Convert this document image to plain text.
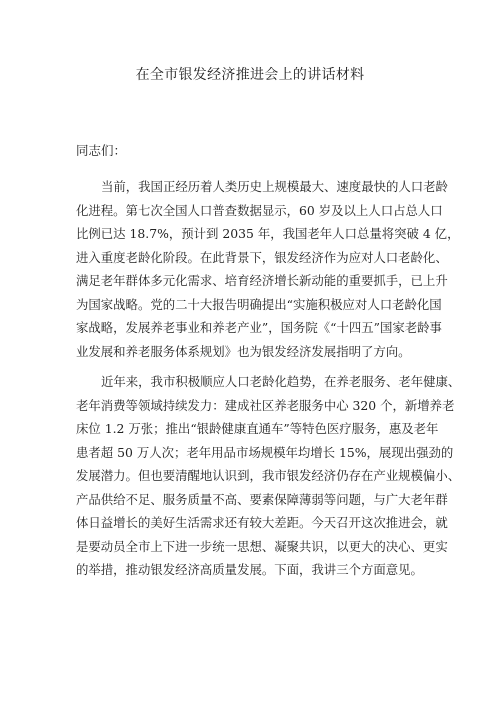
在全市银发经济推进会上的讲话材料
同志们：
当前，我国正经历着人类历史上规模最大、速度最快的人口老龄
化进程。第七次全国人口普查数据显示，60 岁及以上人口占总人口
比例已达 18.7%，预计到 2035 年，我国老年人口总量将突破 4 亿，
进入重度老龄化阶段。在此背景下，银发经济作为应对人口老龄化、
满足老年群体多元化需求、培育经济增长新动能的重要抓手，已上升
为国家战略。党的二十大报告明确提出“实施积极应对人口老龄化国
家战略，发展养老事业和养老产业”，国务院《“十四五”国家老龄事
业发展和养老服务体系规划》也为银发经济发展指明了方向。
近年来，我市积极顺应人口老龄化趋势，在养老服务、老年健康、
老年消费等领域持续发力：建成社区养老服务中心 320 个，新增养老
床位 1.2 万张；推出“银龄健康直通车”等特色医疗服务，惠及老年
患者超 50 万人次；老年用品市场规模年均增长 15%，展现出强劲的
发展潜力。但也要清醒地认识到，我市银发经济仍存在产业规模偏小、
产品供给不足、服务质量不高、要素保障薄弱等问题，与广大老年群
体日益增长的美好生活需求还有较大差距。今天召开这次推进会，就
是要动员全市上下进一步统一思想、凝聚共识，以更大的决心、更实
的举措，推动银发经济高质量发展。下面，我讲三个方面意见。
